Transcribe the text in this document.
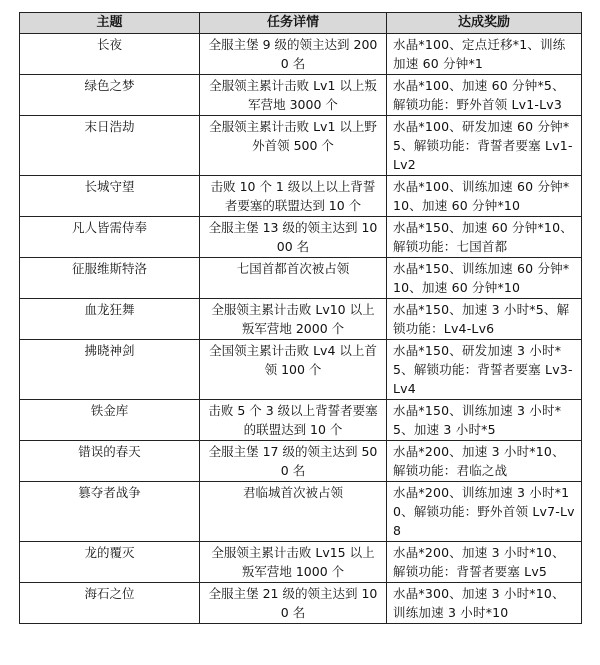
主题	任务详情	达成奖励
长夜	全服主堡 9 级的领主达到 2000 名	水晶*100、定点迁移*1、训练加速 60 分钟*1
绿色之梦	全服领主累计击败 Lv1 以上叛军营地 3000 个	水晶*100、加速 60 分钟*5、解锁功能：野外首领 Lv1-Lv3
末日浩劫	全服领主累计击败 Lv1 以上野外首领 500 个	水晶*100、研发加速 60 分钟*5、解锁功能：背誓者要塞 Lv1-Lv2
长城守望	击败 10 个 1 级以上以上背誓者要塞的联盟达到 10 个	水晶*100、训练加速 60 分钟*10、加速 60 分钟*10
凡人皆需侍奉	全服主堡 13 级的领主达到 1000 名	水晶*150、加速 60 分钟*10、解锁功能：七国首都
征服维斯特洛	七国首都首次被占领	水晶*150、训练加速 60 分钟*10、加速 60 分钟*10
血龙狂舞	全服领主累计击败 Lv10 以上叛军营地 2000 个	水晶*150、加速 3 小时*5、解锁功能：Lv4-Lv6
拂晓神剑	全国领主累计击败 Lv4 以上首领 100 个	水晶*150、研发加速 3 小时*5、解锁功能：背誓者要塞 Lv3-Lv4
铁金库	击败 5 个 3 级以上背誓者要塞的联盟达到 10 个	水晶*150、训练加速 3 小时*5、加速 3 小时*5
错误的春天	全服主堡 17 级的领主达到 500 名	水晶*200、加速 3 小时*10、解锁功能：君临之战
篡夺者战争	君临城首次被占领	水晶*200、训练加速 3 小时*10、解锁功能：野外首领 Lv7-Lv8
龙的覆灭	全服领主累计击败 Lv15 以上叛军营地 1000 个	水晶*200、加速 3 小时*10、解锁功能：背誓者要塞 Lv5
海石之位	全服主堡 21 级的领主达到 100 名	水晶*300、加速 3 小时*10、训练加速 3 小时*10
